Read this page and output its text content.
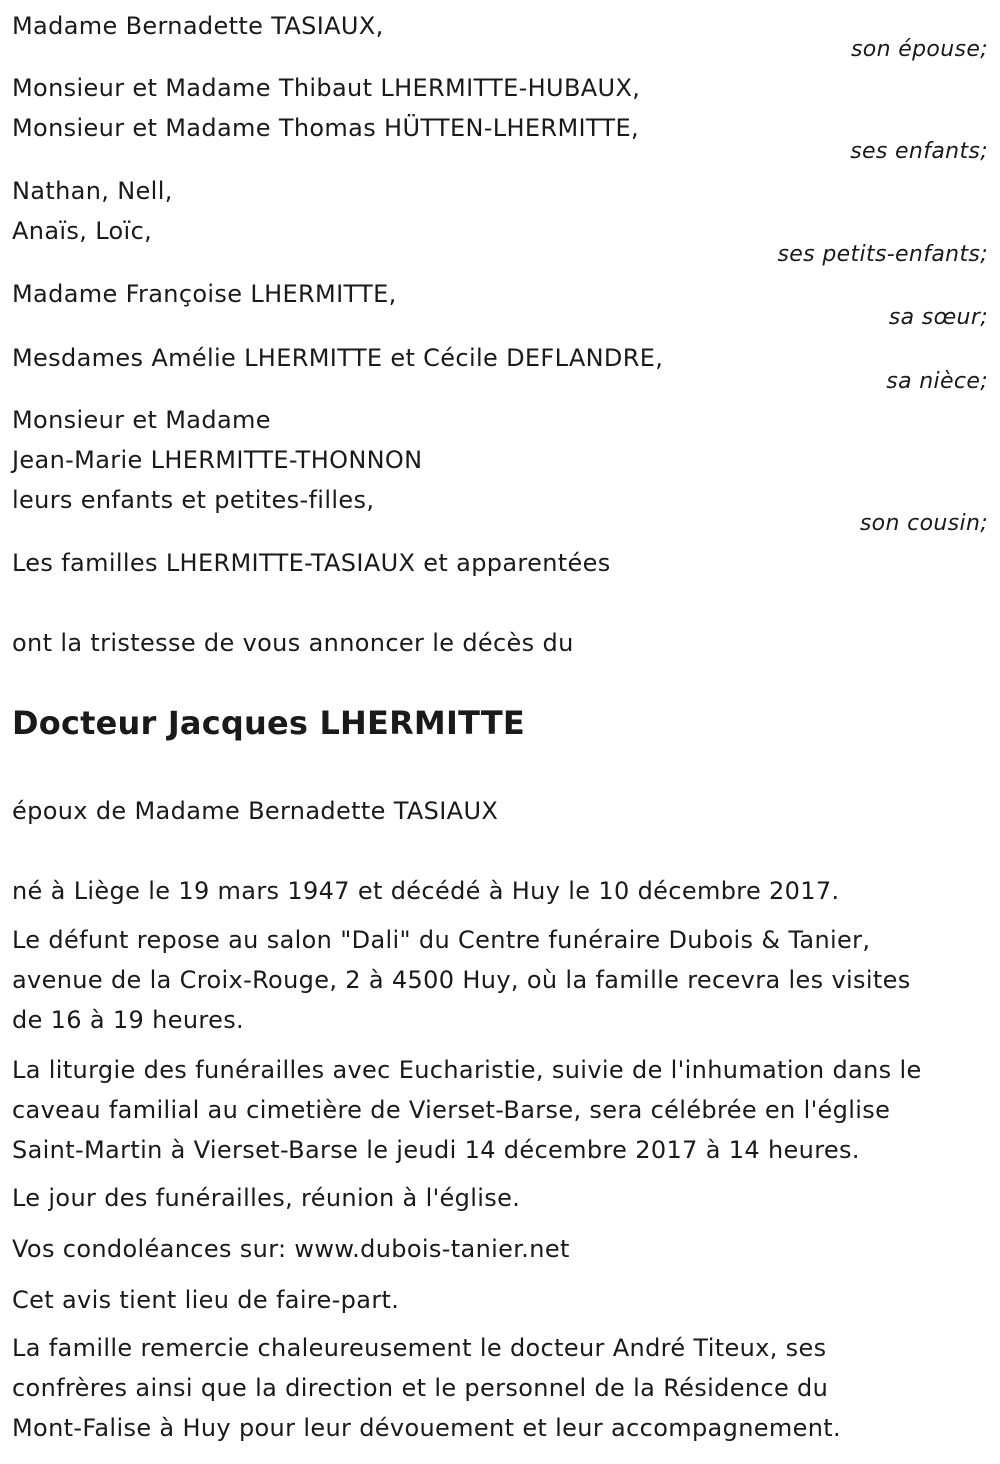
Madame Bernadette TASIAUX,
son épouse;
Monsieur et Madame Thibaut LHERMITTE-HUBAUX,
Monsieur et Madame Thomas HÜTTEN-LHERMITTE,
ses enfants;
Nathan, Nell,
Anaïs, Loïc,
ses petits-enfants;
Madame Françoise LHERMITTE,
sa sœur;
Mesdames Amélie LHERMITTE et Cécile DEFLANDRE,
sa nièce;
Monsieur et Madame
Jean-Marie LHERMITTE-THONNON
leurs enfants et petites-filles,
son cousin;
Les familles LHERMITTE-TASIAUX et apparentées
ont la tristesse de vous annoncer le décès du
Docteur Jacques LHERMITTE
époux de Madame Bernadette TASIAUX
né à Liège le 19 mars 1947 et décédé à Huy le 10 décembre 2017.
Le défunt repose au salon "Dali" du Centre funéraire Dubois & Tanier,
avenue de la Croix-Rouge, 2 à 4500 Huy, où la famille recevra les visites
de 16 à 19 heures.
La liturgie des funérailles avec Eucharistie, suivie de l'inhumation dans le
caveau familial au cimetière de Vierset-Barse, sera célébrée en l'église
Saint-Martin à Vierset-Barse le jeudi 14 décembre 2017 à 14 heures.
Le jour des funérailles, réunion à l'église.
Vos condoléances sur: www.dubois-tanier.net
Cet avis tient lieu de faire-part.
La famille remercie chaleureusement le docteur André Titeux, ses
confrères ainsi que la direction et le personnel de la Résidence du
Mont-Falise à Huy pour leur dévouement et leur accompagnement.
